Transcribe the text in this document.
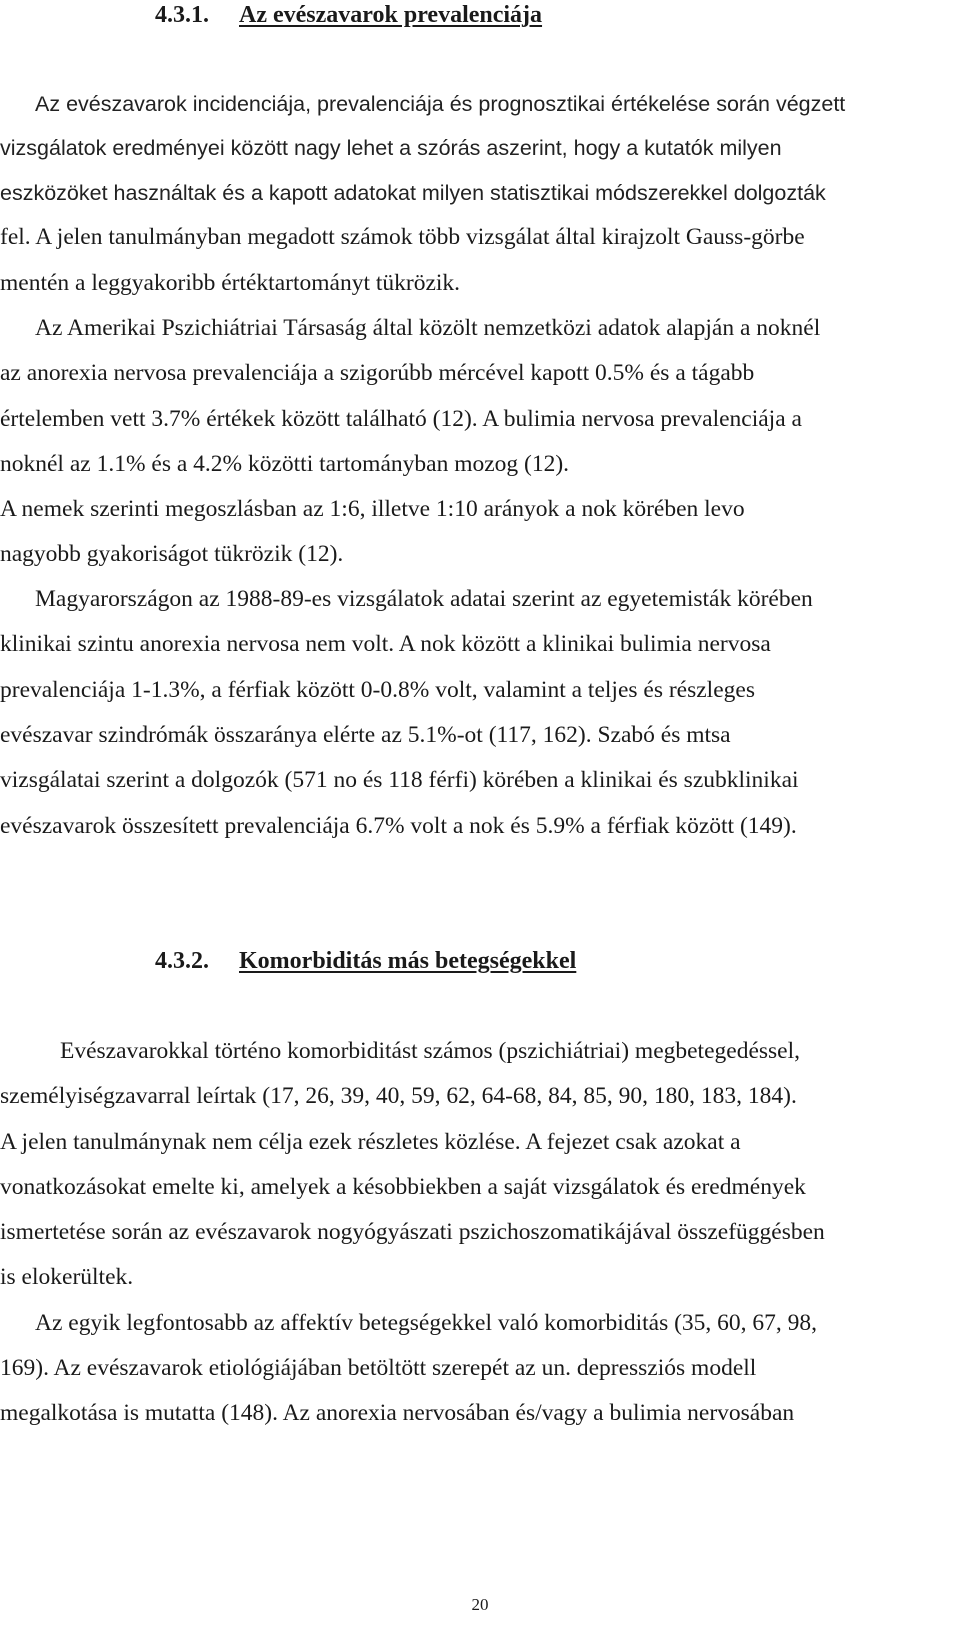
4.3.1. Az evészavarok prevalenciája
Az evészavarok incidenciája, prevalenciája és prognosztikai értékelése során végzett
vizsgálatok eredményei között nagy lehet a szórás aszerint, hogy a kutatók milyen
eszközöket használtak és a kapott adatokat milyen statisztikai módszerekkel dolgozták
fel. A jelen tanulmányban megadott számok több vizsgálat által kirajzolt Gauss-görbe
mentén a leggyakoribb értéktartományt tükrözik.
Az Amerikai Pszichiátriai Társaság által közölt nemzetközi adatok alapján a noknél
az anorexia nervosa prevalenciája a szigorúbb mércével kapott 0.5% és a tágabb
értelemben vett 3.7% értékek között található (12). A bulimia nervosa prevalenciája a
noknél az 1.1% és a 4.2% közötti tartományban mozog (12).
A nemek szerinti megoszlásban az 1:6, illetve 1:10 arányok a nok körében levo
nagyobb gyakoriságot tükrözik (12).
Magyarországon az 1988-89-es vizsgálatok adatai szerint az egyetemisták körében
klinikai szintu anorexia nervosa nem volt. A nok között a klinikai bulimia nervosa
prevalenciája 1-1.3%, a férfiak között 0-0.8% volt, valamint a teljes és részleges
evészavar szindrómák összaránya elérte az 5.1%-ot (117, 162). Szabó és mtsa
vizsgálatai szerint a dolgozók (571 no és 118 férfi) körében a klinikai és szubklinikai
evészavarok összesített prevalenciája 6.7% volt a nok és 5.9% a férfiak között (149).
4.3.2. Komorbiditás más betegségekkel
Evészavarokkal történo komorbiditást számos (pszichiátriai) megbetegedéssel,
személyiségzavarral leírtak (17, 26, 39, 40, 59, 62, 64-68, 84, 85, 90, 180, 183, 184).
A jelen tanulmánynak nem célja ezek részletes közlése. A fejezet csak azokat a
vonatkozásokat emelte ki, amelyek a késobbiekben a saját vizsgálatok és eredmények
ismertetése során az evészavarok nogyógyászati pszichoszomatikájával összefüggésben
is elokerültek.
Az egyik legfontosabb az affektív betegségekkel való komorbiditás (35, 60, 67, 98,
169). Az evészavarok etiológiájában betöltött szerepét az un. depressziós modell
megalkotása is mutatta (148). Az anorexia nervosában és/vagy a bulimia nervosában
20
